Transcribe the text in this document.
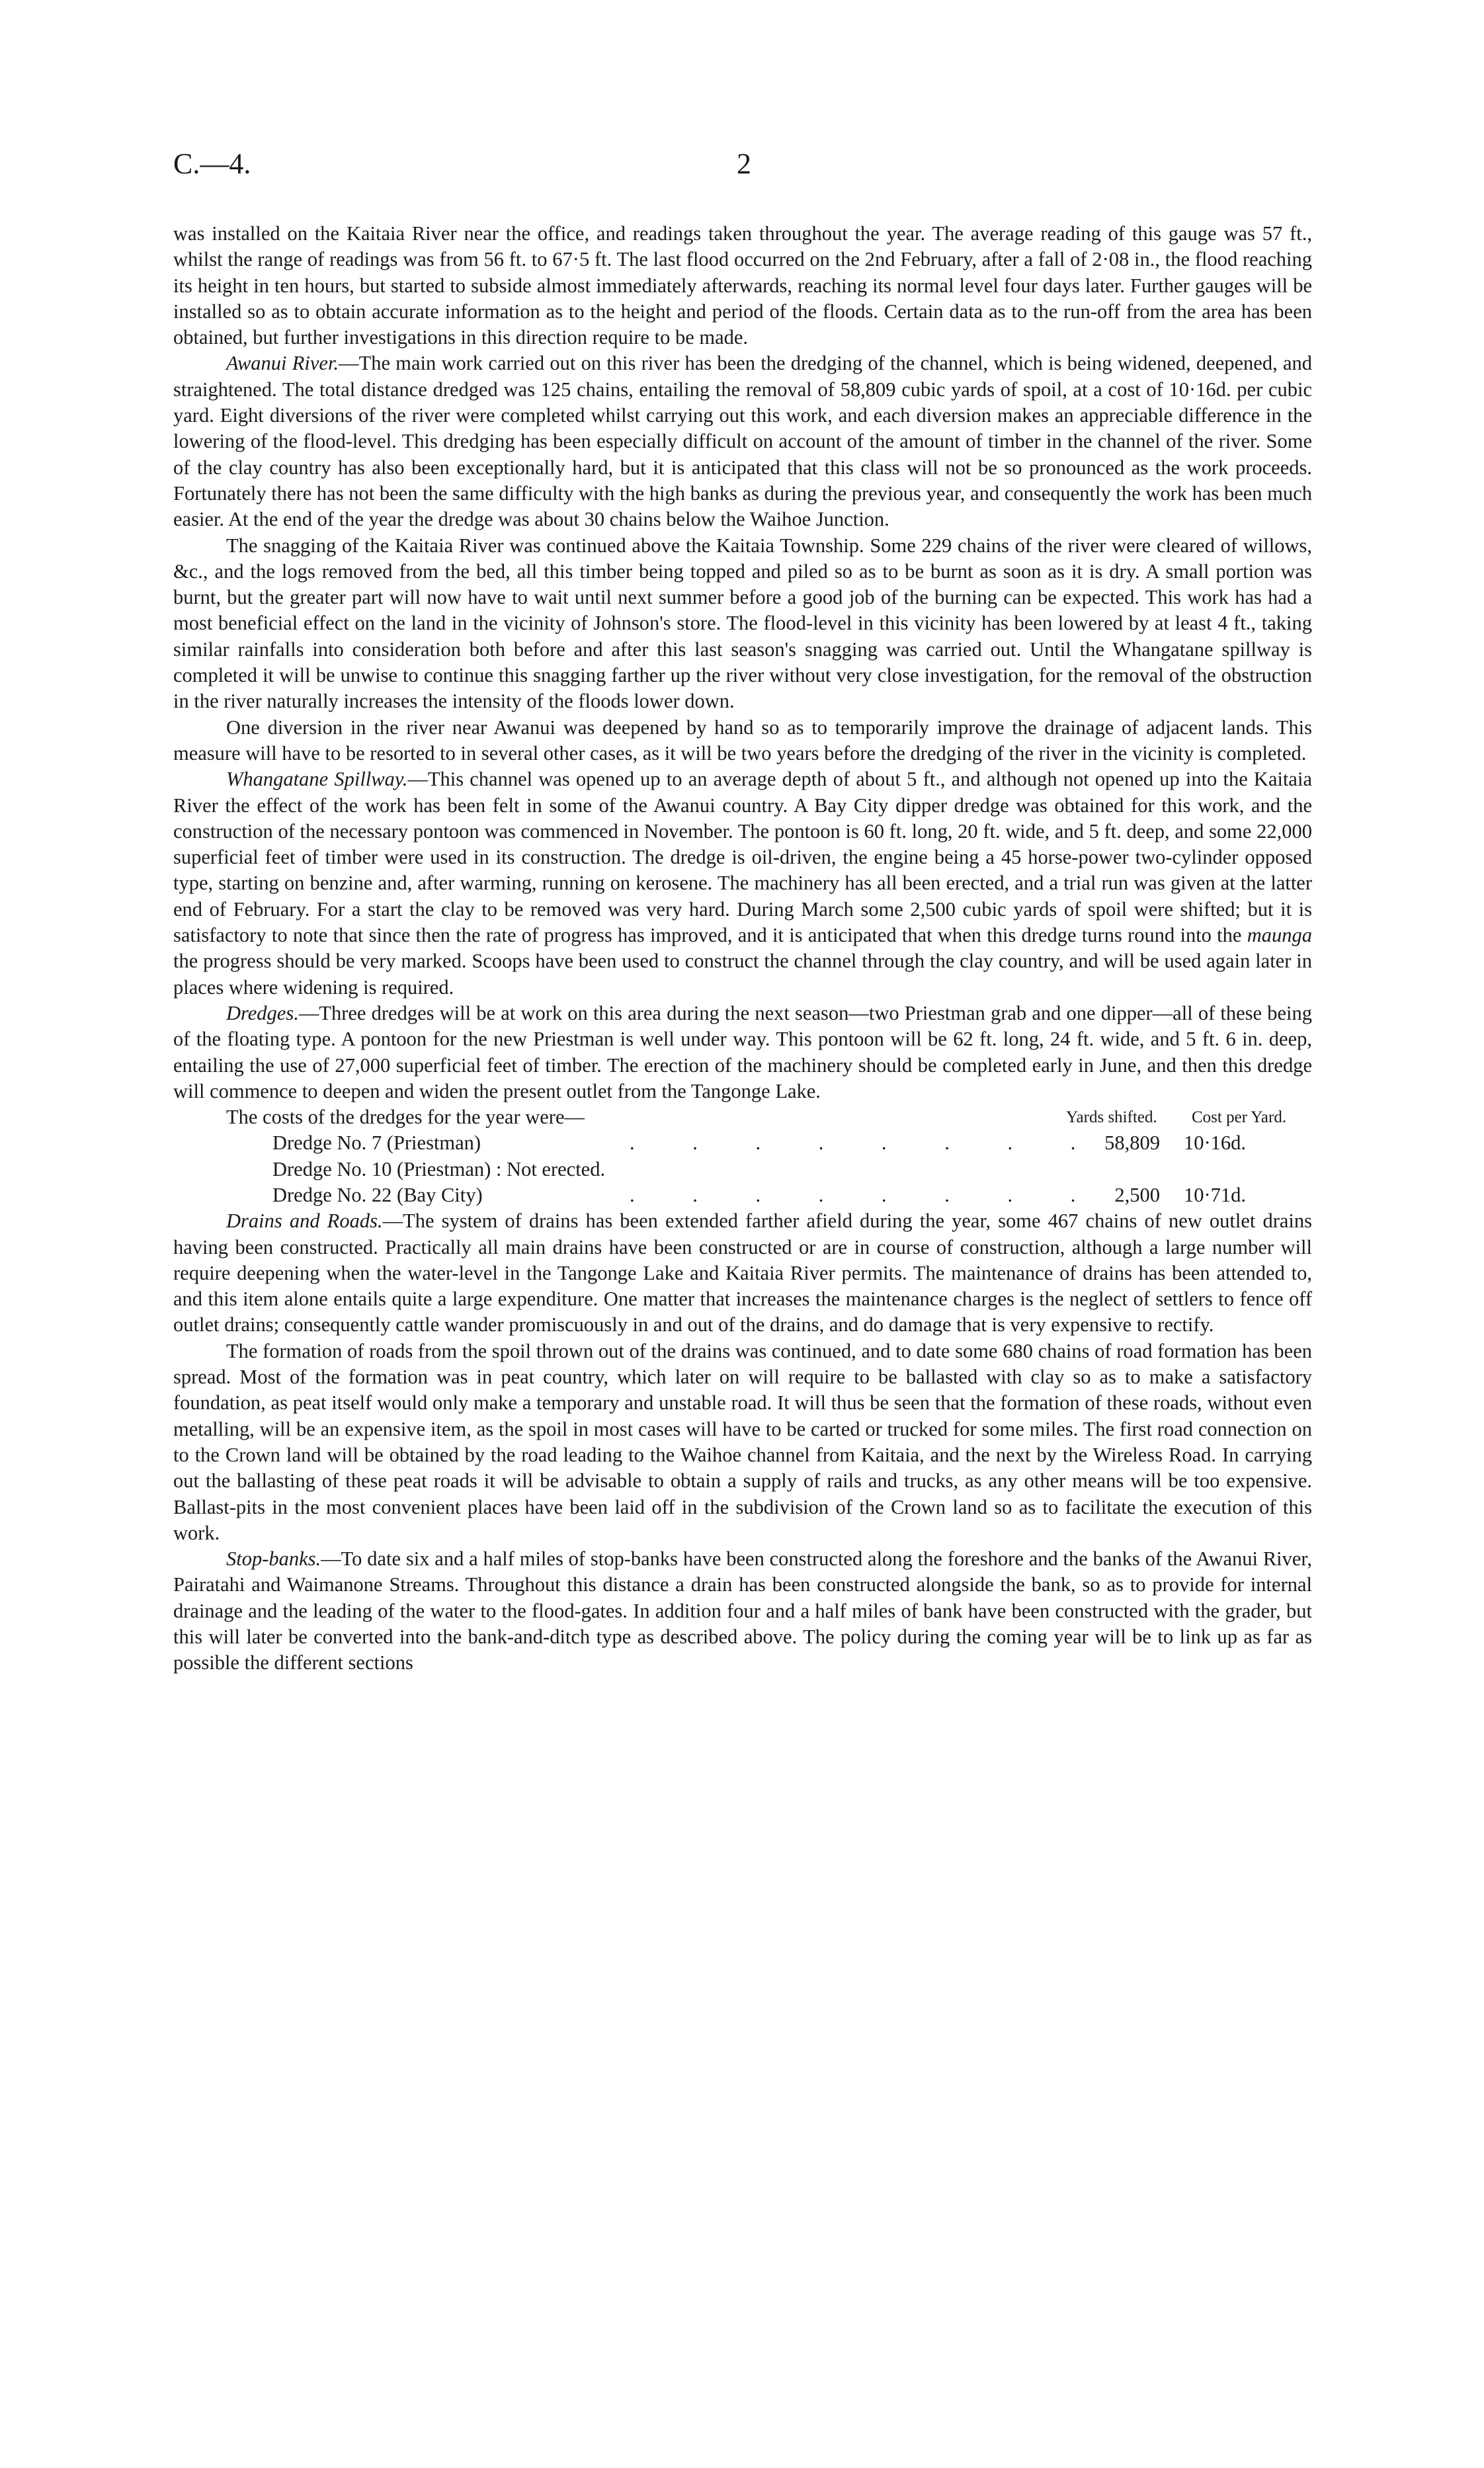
C.—4.	2

was installed on the Kaitaia River near the office, and readings taken throughout the year. The average reading of this gauge was 57 ft., whilst the range of readings was from 56 ft. to 67·5 ft. The last flood occurred on the 2nd February, after a fall of 2·08 in., the flood reaching its height in ten hours, but started to subside almost immediately afterwards, reaching its normal level four days later. Further gauges will be installed so as to obtain accurate information as to the height and period of the floods. Certain data as to the run-off from the area has been obtained, but further investigations in this direction require to be made.

Awanui River.—The main work carried out on this river has been the dredging of the channel, which is being widened, deepened, and straightened. The total distance dredged was 125 chains, entailing the removal of 58,809 cubic yards of spoil, at a cost of 10·16d. per cubic yard. Eight diversions of the river were completed whilst carrying out this work, and each diversion makes an appreciable difference in the lowering of the flood-level. This dredging has been especially difficult on account of the amount of timber in the channel of the river. Some of the clay country has also been exceptionally hard, but it is anticipated that this class will not be so pronounced as the work proceeds. Fortunately there has not been the same difficulty with the high banks as during the previous year, and consequently the work has been much easier. At the end of the year the dredge was about 30 chains below the Waihoe Junction.

The snagging of the Kaitaia River was continued above the Kaitaia Township. Some 229 chains of the river were cleared of willows, &c., and the logs removed from the bed, all this timber being topped and piled so as to be burnt as soon as it is dry. A small portion was burnt, but the greater part will now have to wait until next summer before a good job of the burning can be expected. This work has had a most beneficial effect on the land in the vicinity of Johnson's store. The flood-level in this vicinity has been lowered by at least 4 ft., taking similar rainfalls into consideration both before and after this last season's snagging was carried out. Until the Whangatane spillway is completed it will be unwise to continue this snagging farther up the river without very close investigation, for the removal of the obstruction in the river naturally increases the intensity of the floods lower down.

One diversion in the river near Awanui was deepened by hand so as to temporarily improve the drainage of adjacent lands. This measure will have to be resorted to in several other cases, as it will be two years before the dredging of the river in the vicinity is completed.

Whangatane Spillway.—This channel was opened up to an average depth of about 5 ft., and although not opened up into the Kaitaia River the effect of the work has been felt in some of the Awanui country. A Bay City dipper dredge was obtained for this work, and the construction of the necessary pontoon was commenced in November. The pontoon is 60 ft. long, 20 ft. wide, and 5 ft. deep, and some 22,000 superficial feet of timber were used in its construction. The dredge is oil-driven, the engine being a 45 horse-power two-cylinder opposed type, starting on benzine and, after warming, running on kerosene. The machinery has all been erected, and a trial run was given at the latter end of February. For a start the clay to be removed was very hard. During March some 2,500 cubic yards of spoil were shifted; but it is satisfactory to note that since then the rate of progress has improved, and it is anticipated that when this dredge turns round into the maunga the progress should be very marked. Scoops have been used to construct the channel through the clay country, and will be used again later in places where widening is required.

Dredges.—Three dredges will be at work on this area during the next season—two Priestman grab and one dipper—all of these being of the floating type. A pontoon for the new Priestman is well under way. This pontoon will be 62 ft. long, 24 ft. wide, and 5 ft. 6 in. deep, entailing the use of 27,000 superficial feet of timber. The erection of the machinery should be completed early in June, and then this dredge will commence to deepen and widen the present outlet from the Tangonge Lake.

The costs of the dredges for the year were—	Yards shifted. Cost per Yard.
Dredge No. 7 (Priestman)	. . . . . . . . 58,809 10·16d.
Dredge No. 10 (Priestman) : Not erected.
Dredge No. 22 (Bay City)	. . . . . . . . 2,500 10·71d.

Drains and Roads.—The system of drains has been extended farther afield during the year, some 467 chains of new outlet drains having been constructed. Practically all main drains have been constructed or are in course of construction, although a large number will require deepening when the water-level in the Tangonge Lake and Kaitaia River permits. The maintenance of drains has been attended to, and this item alone entails quite a large expenditure. One matter that increases the maintenance charges is the neglect of settlers to fence off outlet drains; consequently cattle wander promiscuously in and out of the drains, and do damage that is very expensive to rectify.

The formation of roads from the spoil thrown out of the drains was continued, and to date some 680 chains of road formation has been spread. Most of the formation was in peat country, which later on will require to be ballasted with clay so as to make a satisfactory foundation, as peat itself would only make a temporary and unstable road. It will thus be seen that the formation of these roads, without even metalling, will be an expensive item, as the spoil in most cases will have to be carted or trucked for some miles. The first road connection on to the Crown land will be obtained by the road leading to the Waihoe channel from Kaitaia, and the next by the Wireless Road. In carrying out the ballasting of these peat roads it will be advisable to obtain a supply of rails and trucks, as any other means will be too expensive. Ballast-pits in the most convenient places have been laid off in the subdivision of the Crown land so as to facilitate the execution of this work.

Stop-banks.—To date six and a half miles of stop-banks have been constructed along the foreshore and the banks of the Awanui River, Pairatahi and Waimanone Streams. Throughout this distance a drain has been constructed alongside the bank, so as to provide for internal drainage and the leading of the water to the flood-gates. In addition four and a half miles of bank have been constructed with the grader, but this will later be converted into the bank-and-ditch type as described above. The policy during the coming year will be to link up as far as possible the different sections
